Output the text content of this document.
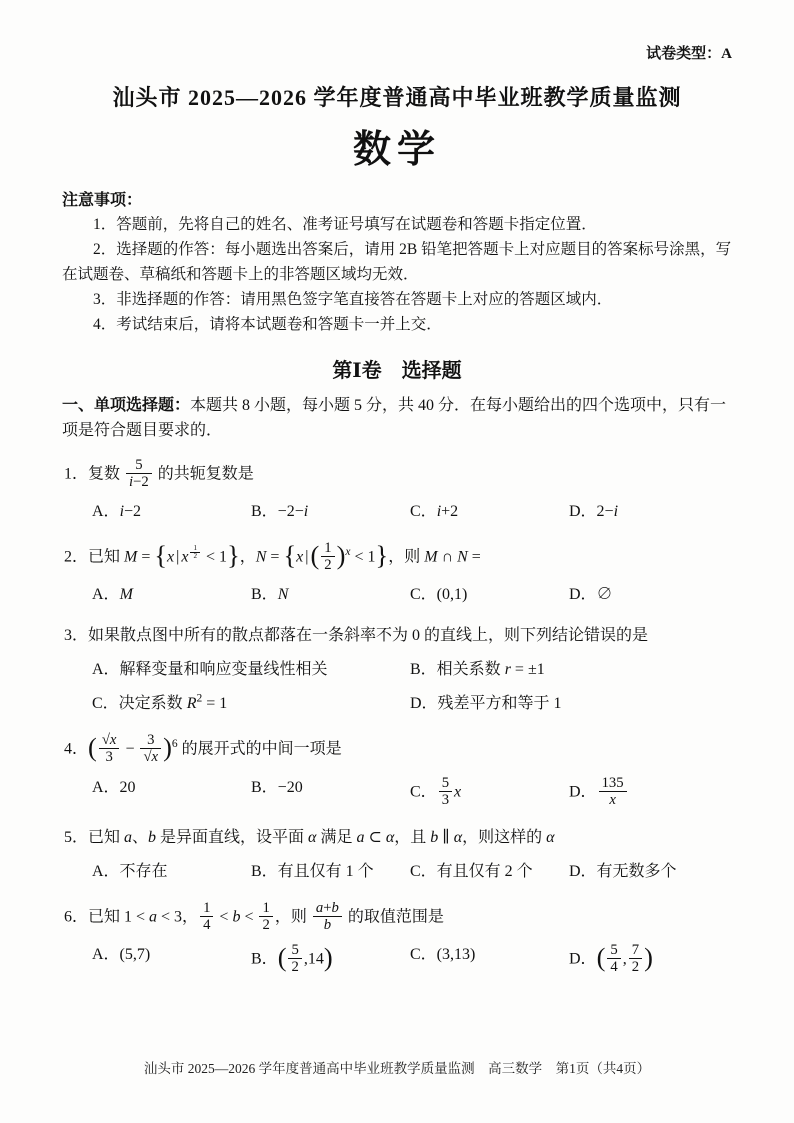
试卷类型：A
汕头市 2025—2026 学年度普通高中毕业班教学质量监测
数学
注意事项：

1．答题前，先将自己的姓名、准考证号填写在试题卷和答题卡指定位置．

2．选择题的作答：每小题选出答案后，请用 2B 铅笔把答题卡上对应题目的答案标号涂黑，写在试题卷、草稿纸和答题卡上的非答题区域均无效．

3．非选择题的作答：请用黑色签字笔直接答在答题卡上对应的答题区域内．

4．考试结束后，请将本试题卷和答题卡一并上交．

第Ⅰ卷　选择题

一、单项选择题：本题共 8 小题，每小题 5 分，共 40 分．在每小题给出的四个选项中，只有一项是符合题目要求的．

1．复数 $\frac{5}{i-2}$ 的共轭复数是
A．i−2	B．−2−i	C．i+2	D．2−i
2．已知 M = {x | x $^{\frac{1}{2}}$ < 1}，N = {x |( $\frac{1}{2} )^x < 1$}，则 M ∩ N =
A．M	B．N	C．(0,1)	D．∅
3．如果散点图中所有的散点都落在一条斜率不为 0 的直线上，则下列结论错误的是
A．解释变量和响应变量线性相关	B．相关系数 r = ±1
C．决定系数 $R^2 = 1$	D．残差平方和等于 1
4．( $\frac{√x}{3} - \frac{3}{√x} )^6$ 的展开式的中间一项是
A．20	B．−20	C． $\frac{5}{3}$ x	D． $\frac{135}{x}$
5．已知 a、b 是异面直线，设平面 α 满足 a ⊂ α，且 b ∥ α，则这样的 α
A．不存在	B．有且仅有 1 个	C．有且仅有 2 个	D．有无数多个
6．已知 1 < a < 3， $\frac{1}{4} < b < \frac{1}{2}$ ，则 $\frac{a+b}{b}$ 的取值范围是
A．(5,7)	B．( $\frac{5}{2} ,14$)	C．(3,13)	D．( $\frac{5}{4}$ , $\frac{7}{2}$ )
汕头市 2025—2026 学年度普通高中毕业班教学质量监测　高三数学　第1页（共4页）
